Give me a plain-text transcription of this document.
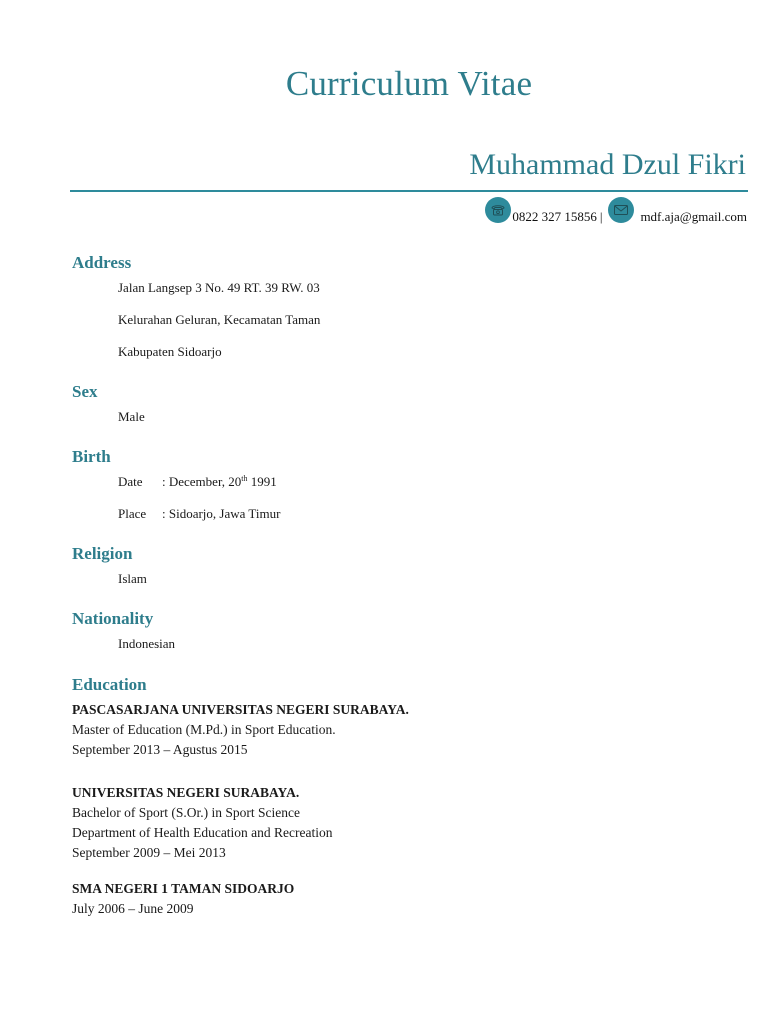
Curriculum Vitae
Muhammad Dzul Fikri
0822 327 15856 |	mdf.aja@gmail.com
Address
Jalan Langsep 3 No. 49 RT. 39 RW. 03
Kelurahan Geluran, Kecamatan Taman
Kabupaten Sidoarjo
Sex
Male
Birth
Date : December, 20th 1991
Place : Sidoarjo, Jawa Timur
Religion
Islam
Nationality
Indonesian
Education
PASCASARJANA UNIVERSITAS NEGERI SURABAYA.
Master of Education (M.Pd.) in Sport Education.
September 2013 – Agustus 2015
UNIVERSITAS NEGERI SURABAYA.
Bachelor of Sport (S.Or.) in Sport Science
Department of Health Education and Recreation
September 2009 – Mei 2013
SMA NEGERI 1 TAMAN SIDOARJO
July 2006 – June 2009
